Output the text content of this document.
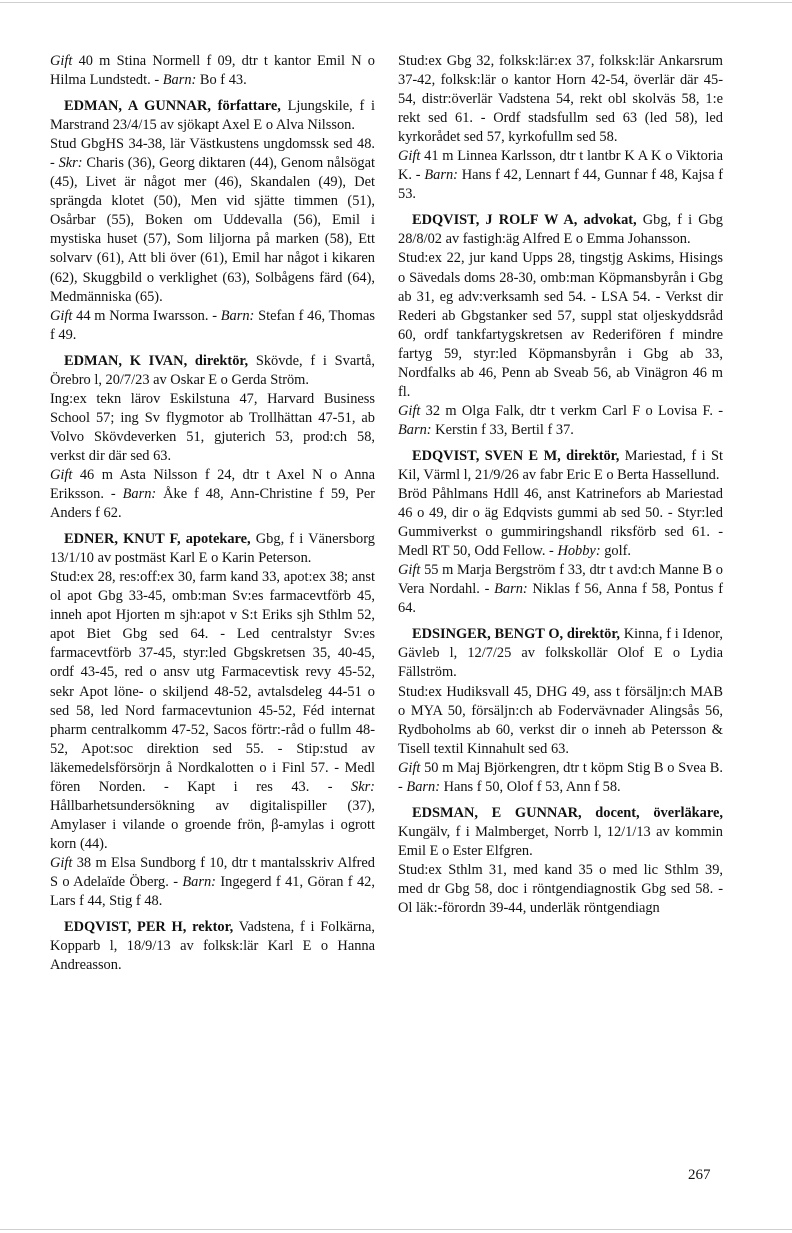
Gift 40 m Stina Normell f 09, dtr t kantor Emil N o Hilma Lundstedt. - Barn: Bo f 43.

EDMAN, A GUNNAR, författare, Ljungskile, f i Marstrand 23/4/15 av sjökapt Axel E o Alva Nilsson.

Stud GbgHS 34-38, lär Västkustens ungdomssk sed 48. - Skr: Charis (36), Georg diktaren (44), Genom nålsögat (45), Livet är något mer (46), Skandalen (49), Det sprängda klotet (50), Men vid sjätte timmen (51), Osårbar (55), Boken om Uddevalla (56), Emil i mystiska huset (57), Som liljorna på marken (58), Ett solvarv (61), Att bli över (61), Emil har något i kikaren (62), Skuggbild o verklighet (63), Solbågens färd (64), Medmänniska (65).

Gift 44 m Norma Iwarsson. - Barn: Stefan f 46, Thomas f 49.

EDMAN, K IVAN, direktör, Skövde, f i Svartå, Örebro l, 20/7/23 av Oskar E o Gerda Ström.

Ing:ex tekn lärov Eskilstuna 47, Harvard Business School 57; ing Sv flygmotor ab Trollhättan 47-51, ab Volvo Skövdeverken 51, gjuterich 53, prod:ch 58, verkst dir där sed 63.

Gift 46 m Asta Nilsson f 24, dtr t Axel N o Anna Eriksson. - Barn: Åke f 48, Ann-Christine f 59, Per Anders f 62.

EDNER, KNUT F, apotekare, Gbg, f i Vänersborg 13/1/10 av postmäst Karl E o Karin Peterson.

Stud:ex 28, res:off:ex 30, farm kand 33, apot:ex 38; anst ol apot Gbg 33-45, omb:man Sv:es farmacevtförb 45, inneh apot Hjorten m sjh:apot v S:t Eriks sjh Sthlm 52, apot Biet Gbg sed 64. - Led centralstyr Sv:es farmacevtförb 37-45, styr:led Gbgskretsen 35, 40-45, ordf 43-45, red o ansv utg Farmacevtisk revy 45-52, sekr Apot löne- o skiljend 48-52, avtalsdeleg 44-51 o sed 58, led Nord farmacevtunion 45-52, Féd internat pharm centralkomm 47-52, Sacos förtr:-råd o fullm 48-52, Apot:soc direktion sed 55. - Stip:stud av läkemedelsförsörjn å Nordkalotten o i Finl 57. - Medl fören Norden. - Kapt i res 43. - Skr: Hållbarhetsundersökning av digitalispiller (37), Amylaser i vilande o groende frön, β-amylas i ogrott korn (44).

Gift 38 m Elsa Sundborg f 10, dtr t mantalsskriv Alfred S o Adelaïde Öberg. - Barn: Ingegerd f 41, Göran f 42, Lars f 44, Stig f 48.

EDQVIST, PER H, rektor, Vadstena, f i Folkärna, Kopparb l, 18/9/13 av folksk:lär Karl E o Hanna Andreasson.

Stud:ex Gbg 32, folksk:lär:ex 37, folksk:lär Ankarsrum 37-42, folksk:lär o kantor Horn 42-54, överlär där 45-54, distr:överlär Vadstena 54, rekt obl skolväs 58, 1:e rekt sed 61. - Ordf stadsfullm sed 63 (led 58), led kyrkorådet sed 57, kyrkofullm sed 58.

Gift 41 m Linnea Karlsson, dtr t lantbr K A K o Viktoria K. - Barn: Hans f 42, Lennart f 44, Gunnar f 48, Kajsa f 53.

EDQVIST, J ROLF W A, advokat, Gbg, f i Gbg 28/8/02 av fastigh:äg Alfred E o Emma Johansson.

Stud:ex 22, jur kand Upps 28, tingstjg Askims, Hisings o Sävedals doms 28-30, omb:man Köpmansbyrån i Gbg ab 31, eg adv:verksamh sed 54. - LSA 54. - Verkst dir Rederi ab Gbgstanker sed 57, suppl stat oljeskyddsråd 60, ordf tankfartygskretsen av Rederifören f mindre fartyg 59, styr:led Köpmansbyrån i Gbg ab 33, Nordfalks ab 46, Penn ab Sveab 56, ab Vinägron 46 m fl.

Gift 32 m Olga Falk, dtr t verkm Carl F o Lovisa F. - Barn: Kerstin f 33, Bertil f 37.

EDQVIST, SVEN E M, direktör, Mariestad, f i St Kil, Värml l, 21/9/26 av fabr Eric E o Berta Hassellund.

Bröd Påhlmans Hdll 46, anst Katrinefors ab Mariestad 46 o 49, dir o äg Edqvists gummi ab sed 50. - Styr:led Gummiverkst o gummiringshandl riksförb sed 61. - Medl RT 50, Odd Fellow. - Hobby: golf.

Gift 55 m Marja Bergström f 33, dtr t avd:ch Manne B o Vera Nordahl. - Barn: Niklas f 56, Anna f 58, Pontus f 64.

EDSINGER, BENGT O, direktör, Kinna, f i Idenor, Gävleb l, 12/7/25 av folkskollär Olof E o Lydia Fällström.

Stud:ex Hudiksvall 45, DHG 49, ass t försäljn:ch MAB o MYA 50, försäljn:ch ab Fodervävnader Alingsås 56, Rydboholms ab 60, verkst dir o inneh ab Petersson & Tisell textil Kinnahult sed 63.

Gift 50 m Maj Björkengren, dtr t köpm Stig B o Svea B. - Barn: Hans f 50, Olof f 53, Ann f 58.

EDSMAN, E GUNNAR, docent, överläkare, Kungälv, f i Malmberget, Norrb l, 12/1/13 av kommin Emil E o Ester Elfgren.

Stud:ex Sthlm 31, med kand 35 o med lic Sthlm 39, med dr Gbg 58, doc i röntgendiagnostik Gbg sed 58. - Ol läk:-förordn 39-44, underläk röntgendiagn

267
